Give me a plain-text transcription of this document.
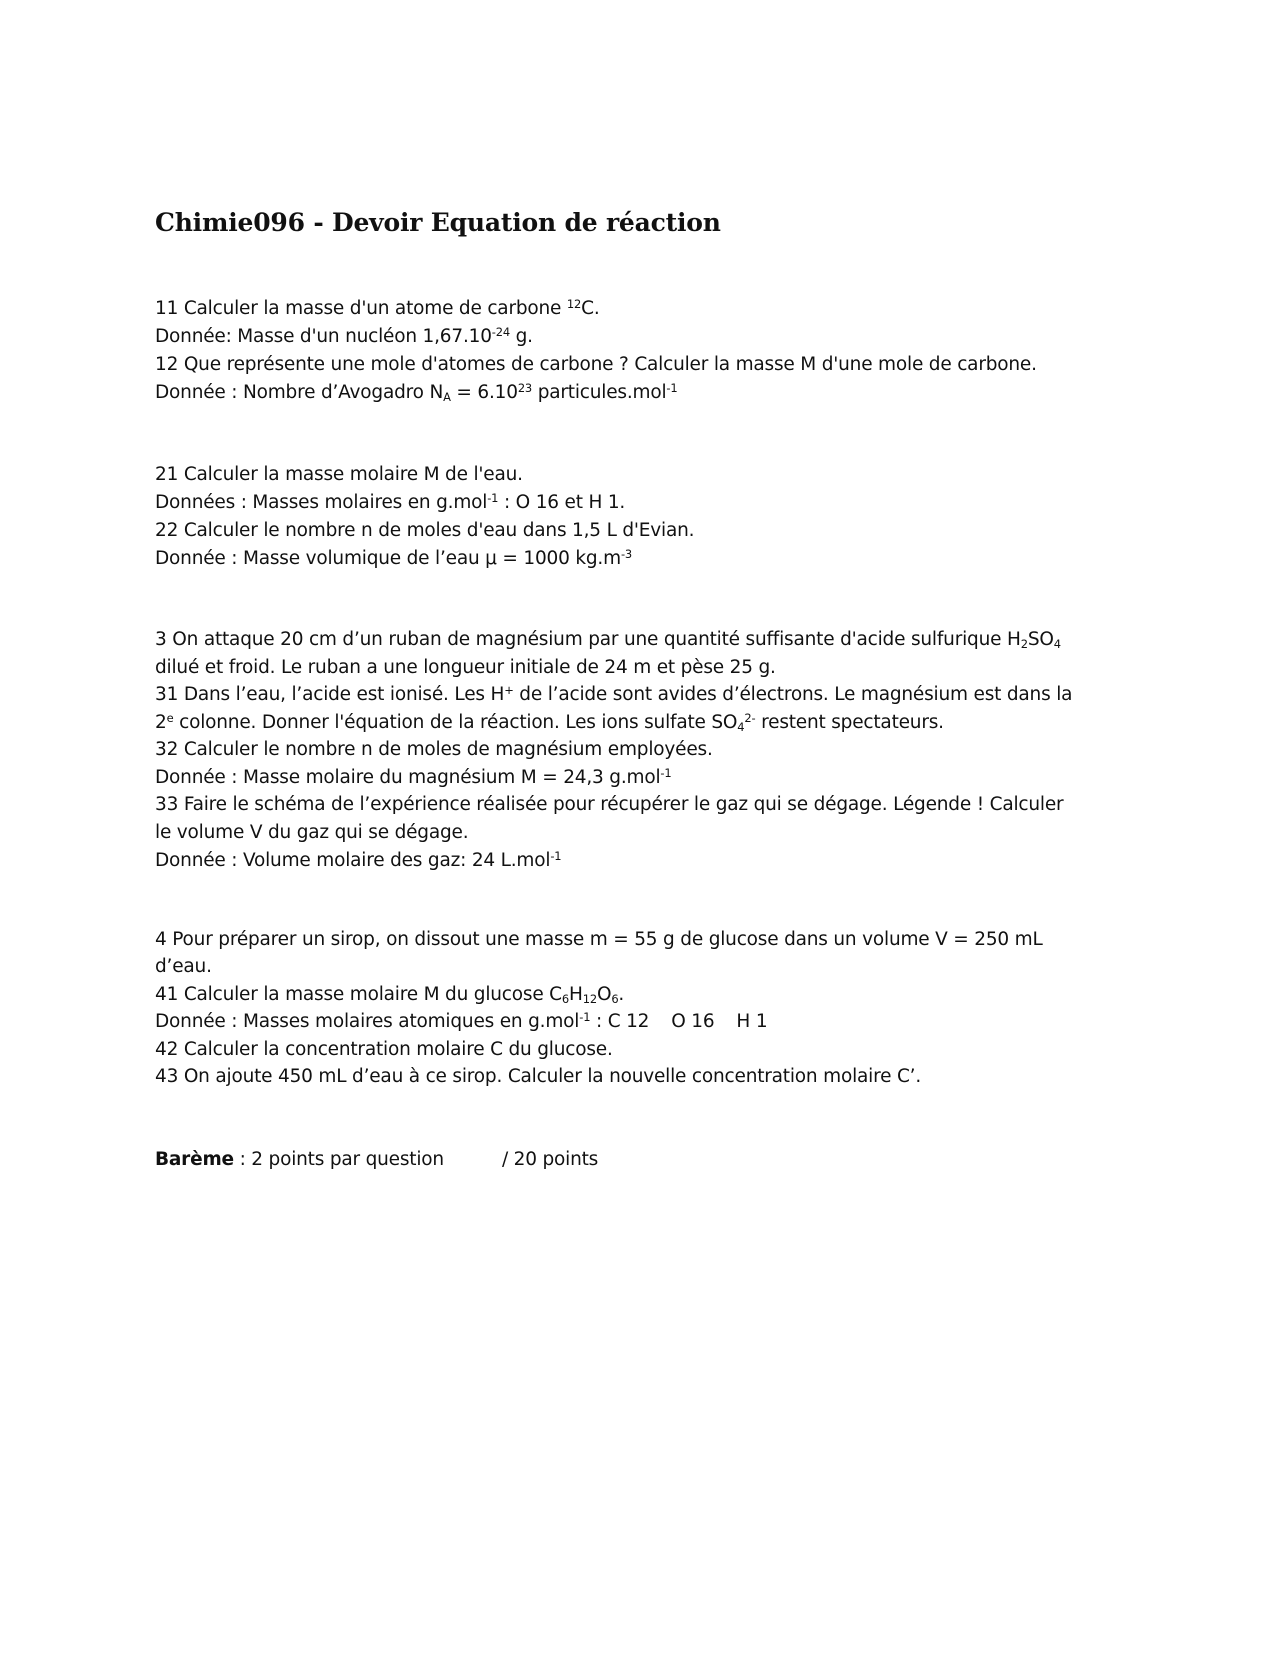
Chimie096 - Devoir Equation de réaction
11 Calculer la masse d'un atome de carbone $^{12}$C.
Donnée: Masse d'un nucléon $1,67.10^{-24}$ g.
12 Que représente une mole d'atomes de carbone ? Calculer la masse M d'une mole de carbone.
Donnée : Nombre d’Avogadro $N_A = 6.10^{23}$ particules.mol$^{-1}$
21 Calculer la masse molaire M de l'eau.
Données : Masses molaires en g.mol$^{-1}$ : O 16 et H 1.
22 Calculer le nombre n de moles d'eau dans 1,5 L d'Evian.
Donnée : Masse volumique de l’eau μ = 1000 $kg.m^{-3}$
3 On attaque 20 cm d’un ruban de magnésium par une quantité suffisante d'acide sulfurique $H_2SO_4$
dilué et froid. Le ruban a une longueur initiale de 24 m et pèse 25 g.
31 Dans l’eau, l’acide est ionisé. Les H+ de l’acide sont avides d’électrons. Le magnésium est dans la
2e colonne. Donner l'équation de la réaction. Les ions sulfate $SO_4^{2-}$ restent spectateurs.
32 Calculer le nombre n de moles de magnésium employées.
Donnée : Masse molaire du magnésium M = 24,3 g.mol$^{-1}$
33 Faire le schéma de l’expérience réalisée pour récupérer le gaz qui se dégage. Légende ! Calculer
le volume V du gaz qui se dégage.
Donnée : Volume molaire des gaz: 24 L.mol$^{-1}$
4 Pour préparer un sirop, on dissout une masse m = 55 g de glucose dans un volume V = 250 mL
d’eau.
41 Calculer la masse molaire M du glucose $C_6H_{12}O_6$.
Donnée : Masses molaires atomiques en g.mol$^{-1}$ : C 12 O 16 H 1
42 Calculer la concentration molaire C du glucose.
43 On ajoute 450 mL d’eau à ce sirop. Calculer la nouvelle concentration molaire C’.
Barème : 2 points par question	/ 20 points
